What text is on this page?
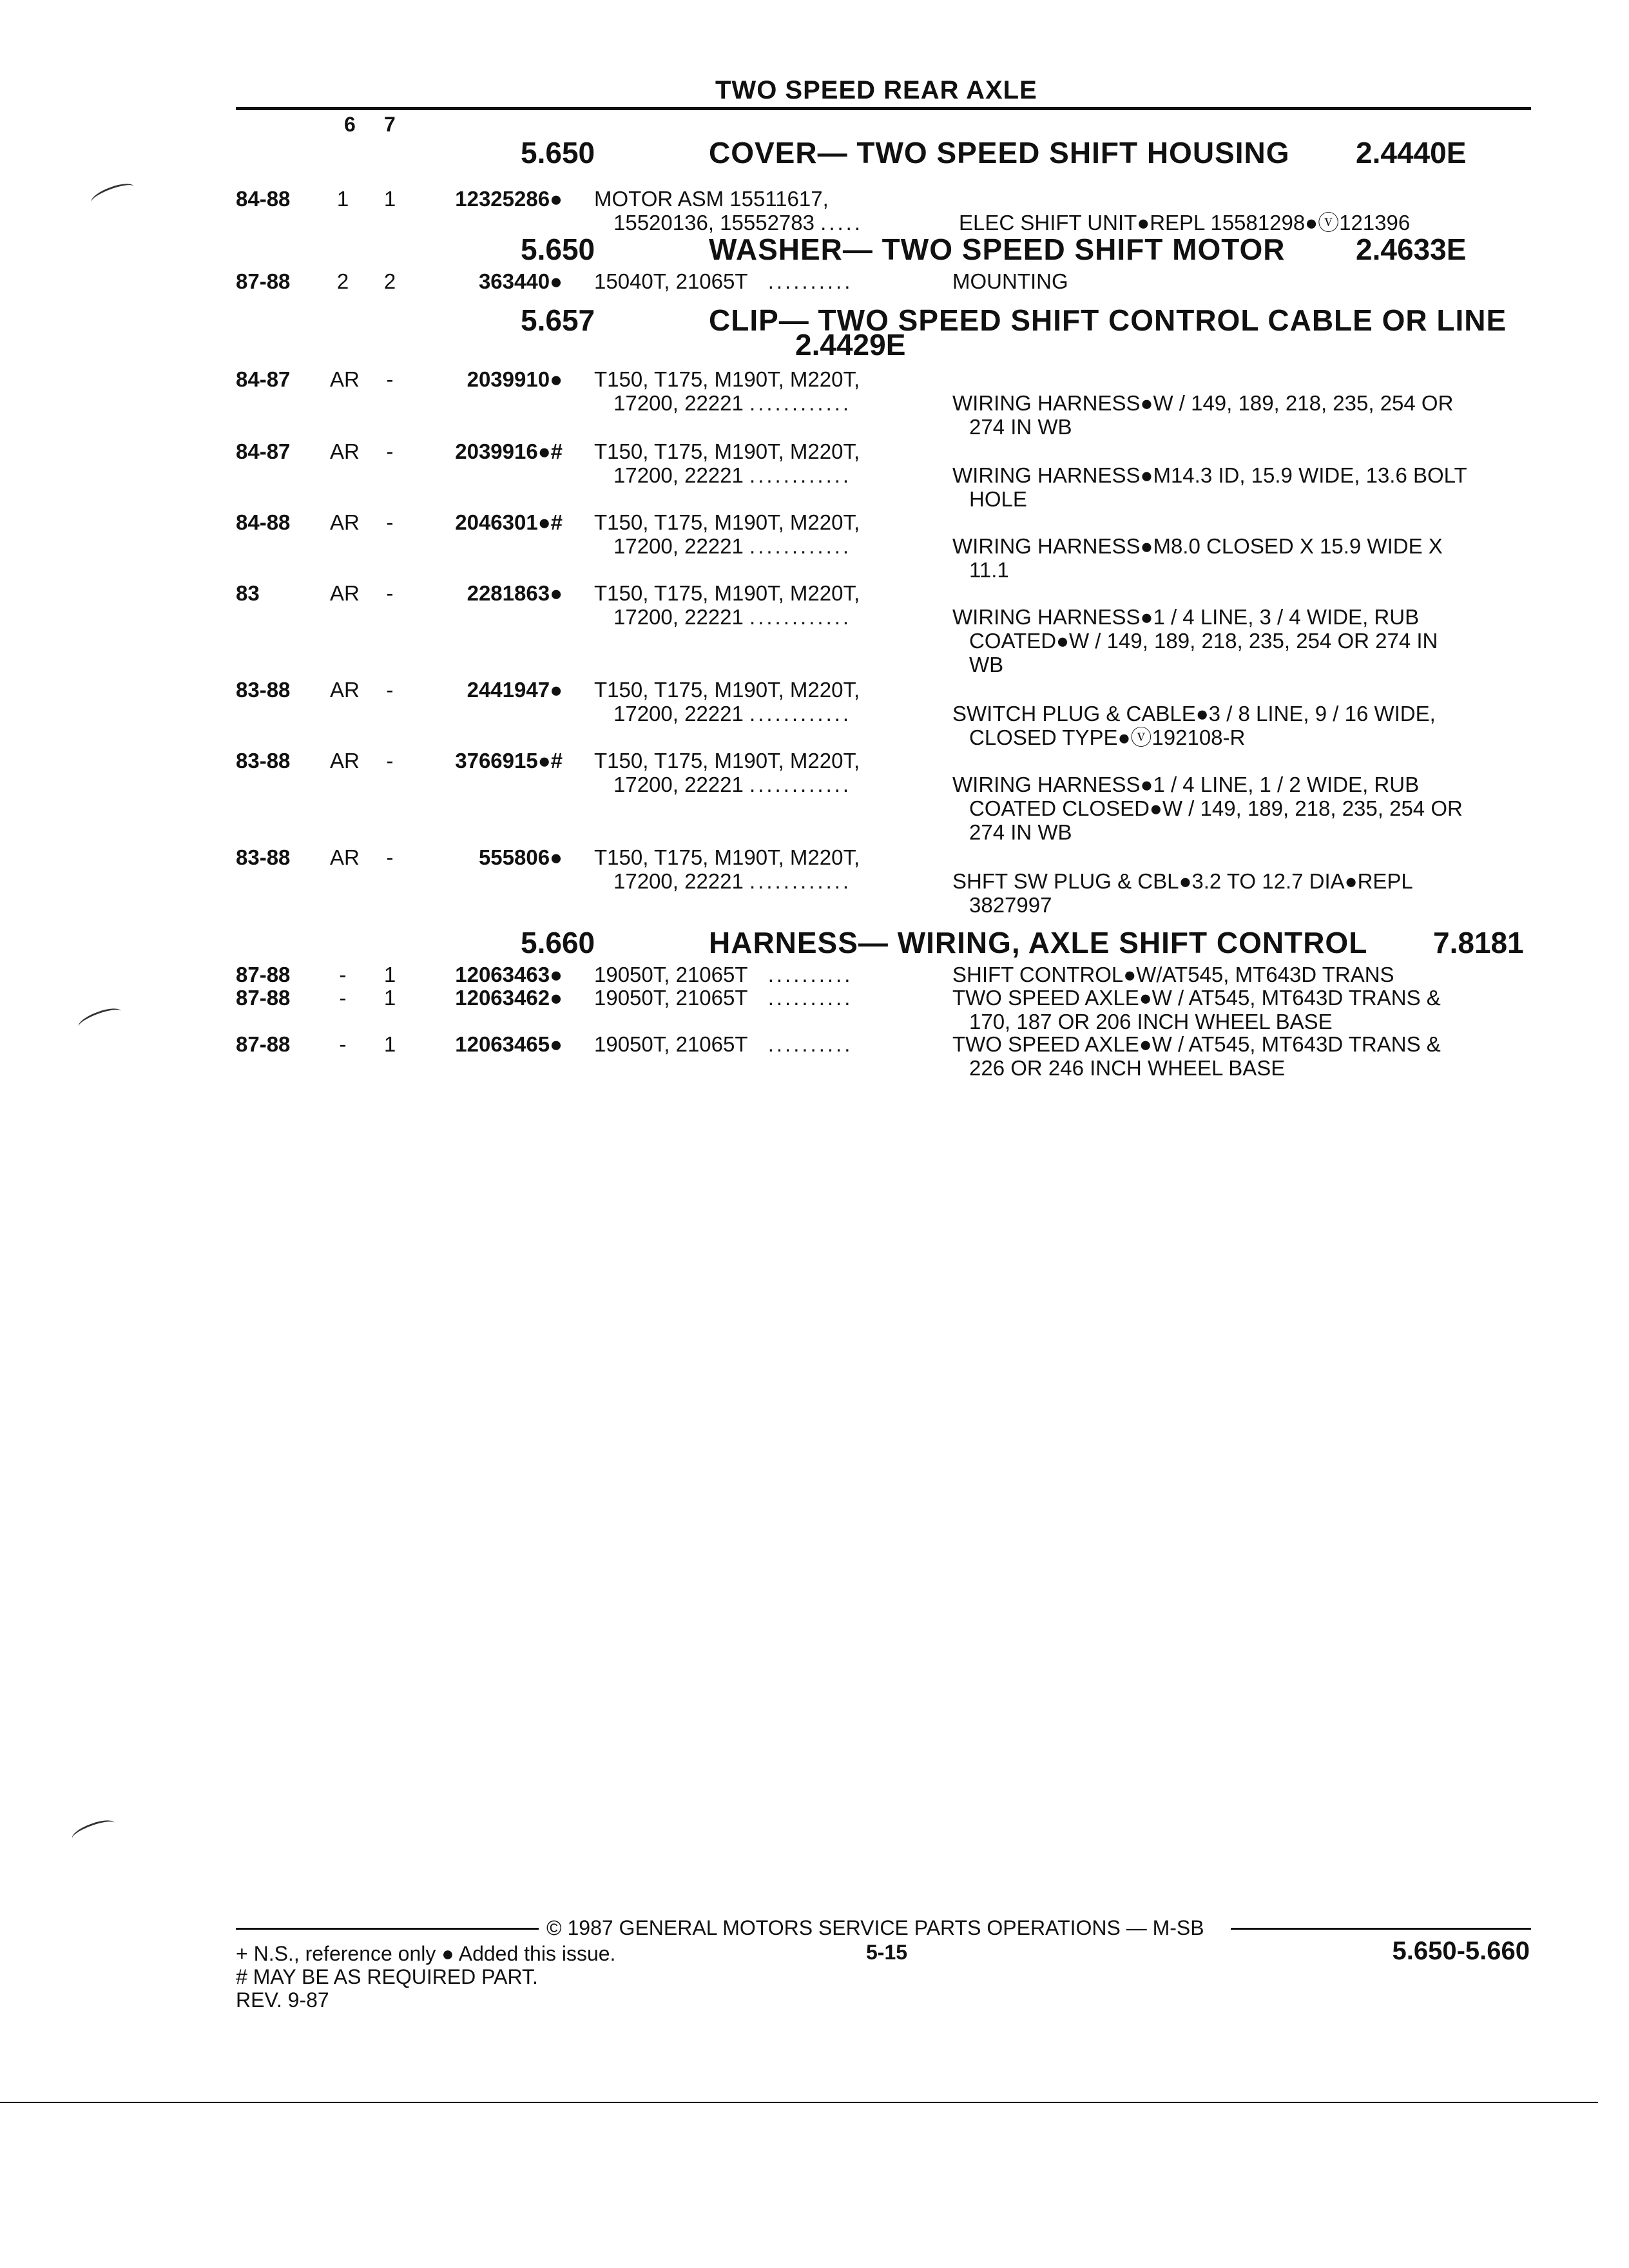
TWO SPEED REAR AXLE
6 7
5.650	COVER— TWO SPEED SHIFT HOUSING 2.4440E
84-88	1	1	12325286● MOTOR ASM 15511617,
15520136, 15552783 .....	ELEC SHIFT UNIT●REPL 15581298●ⓥ121396
5.650	WASHER— TWO SPEED SHIFT MOTOR 2.4633E
87-88	2	2	363440● 15040T, 21065T ..........	MOUNTING
5.657	CLIP— TWO SPEED SHIFT CONTROL CABLE OR LINE
2.4429E
84-87 AR -	2039910● T150, T175, M190T, M220T,
17200, 22221 ............	WIRING HARNESS●W / 149, 189, 218, 235, 254 OR
274 IN WB
84-87 AR -	2039916●# T150, T175, M190T, M220T,
17200, 22221 ............	WIRING HARNESS●M14.3 ID, 15.9 WIDE, 13.6 BOLT
HOLE
84-88 AR -	2046301●# T150, T175, M190T, M220T,
17200, 22221 ............	WIRING HARNESS●M8.0 CLOSED X 15.9 WIDE X
11.1
83	AR -	2281863● T150, T175, M190T, M220T,
17200, 22221 ............	WIRING HARNESS●1 / 4 LINE, 3 / 4 WIDE, RUB
COATED●W / 149, 189, 218, 235, 254 OR 274 IN
WB
83-88 AR -	2441947● T150, T175, M190T, M220T,
17200, 22221 ............	SWITCH PLUG & CABLE●3 / 8 LINE, 9 / 16 WIDE,
CLOSED TYPE●ⓥ192108-R
83-88 AR -	3766915●# T150, T175, M190T, M220T,
17200, 22221 ............	WIRING HARNESS●1 / 4 LINE, 1 / 2 WIDE, RUB
COATED CLOSED●W / 149, 189, 218, 235, 254 OR
274 IN WB
83-88 AR -	555806● T150, T175, M190T, M220T,
17200, 22221 ............	SHFT SW PLUG & CBL●3.2 TO 12.7 DIA●REPL
3827997
5.660	HARNESS— WIRING, AXLE SHIFT CONTROL 7.8181
87-88	-	1	12063463● 19050T, 21065T ..........	SHIFT CONTROL●W/AT545, MT643D TRANS
87-88	-	1	12063462● 19050T, 21065T ..........	TWO SPEED AXLE●W / AT545, MT643D TRANS &
170, 187 OR 206 INCH WHEEL BASE
87-88	-	1	12063465● 19050T, 21065T ..........	TWO SPEED AXLE●W / AT545, MT643D TRANS &
226 OR 246 INCH WHEEL BASE
© 1987 GENERAL MOTORS SERVICE PARTS OPERATIONS — M-SB
+ N.S., reference only ● Added this issue.	5-15	5.650-5.660
# MAY BE AS REQUIRED PART.
REV. 9-87
